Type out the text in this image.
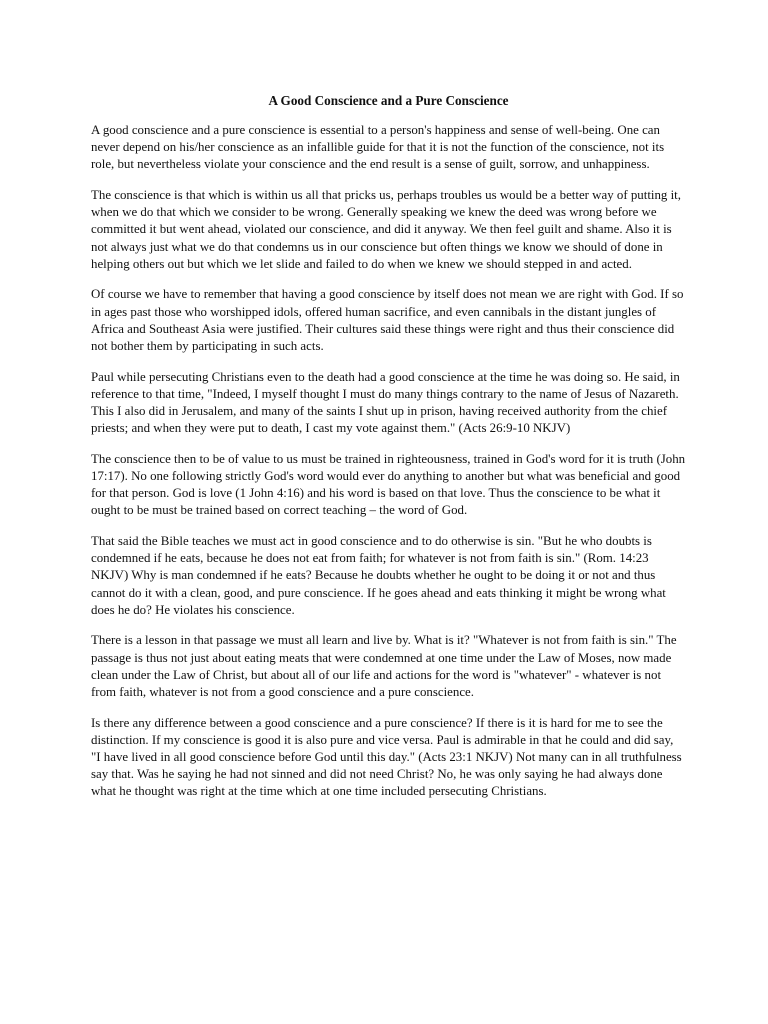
A Good Conscience and a Pure Conscience

A good conscience and a pure conscience is essential to a person's happiness and sense of well-being. One can never depend on his/her conscience as an infallible guide for that it is not the function of the conscience, not its role, but nevertheless violate your conscience and the end result is a sense of guilt, sorrow, and unhappiness.

The conscience is that which is within us all that pricks us, perhaps troubles us would be a better way of putting it, when we do that which we consider to be wrong. Generally speaking we knew the deed was wrong before we committed it but went ahead, violated our conscience, and did it anyway. We then feel guilt and shame. Also it is not always just what we do that condemns us in our conscience but often things we know we should of done in helping others out but which we let slide and failed to do when we knew we should stepped in and acted.

Of course we have to remember that having a good conscience by itself does not mean we are right with God. If so in ages past those who worshipped idols, offered human sacrifice, and even cannibals in the distant jungles of Africa and Southeast Asia were justified. Their cultures said these things were right and thus their conscience did not bother them by participating in such acts.

Paul while persecuting Christians even to the death had a good conscience at the time he was doing so. He said, in reference to that time, "Indeed, I myself thought I must do many things contrary to the name of Jesus of Nazareth. This I also did in Jerusalem, and many of the saints I shut up in prison, having received authority from the chief priests; and when they were put to death, I cast my vote against them." (Acts 26:9-10 NKJV)

The conscience then to be of value to us must be trained in righteousness, trained in God's word for it is truth (John 17:17). No one following strictly God's word would ever do anything to another but what was beneficial and good for that person. God is love (1 John 4:16) and his word is based on that love. Thus the conscience to be what it ought to be must be trained based on correct teaching – the word of God.

That said the Bible teaches we must act in good conscience and to do otherwise is sin. "But he who doubts is condemned if he eats, because he does not eat from faith; for whatever is not from faith is sin." (Rom. 14:23 NKJV) Why is man condemned if he eats? Because he doubts whether he ought to be doing it or not and thus cannot do it with a clean, good, and pure conscience. If he goes ahead and eats thinking it might be wrong what does he do? He violates his conscience.

There is a lesson in that passage we must all learn and live by. What is it? "Whatever is not from faith is sin." The passage is thus not just about eating meats that were condemned at one time under the Law of Moses, now made clean under the Law of Christ, but about all of our life and actions for the word is "whatever" - whatever is not from faith, whatever is not from a good conscience and a pure conscience.

Is there any difference between a good conscience and a pure conscience? If there is it is hard for me to see the distinction. If my conscience is good it is also pure and vice versa. Paul is admirable in that he could and did say, "I have lived in all good conscience before God until this day." (Acts 23:1 NKJV) Not many can in all truthfulness say that. Was he saying he had not sinned and did not need Christ? No, he was only saying he had always done what he thought was right at the time which at one time included persecuting Christians.
